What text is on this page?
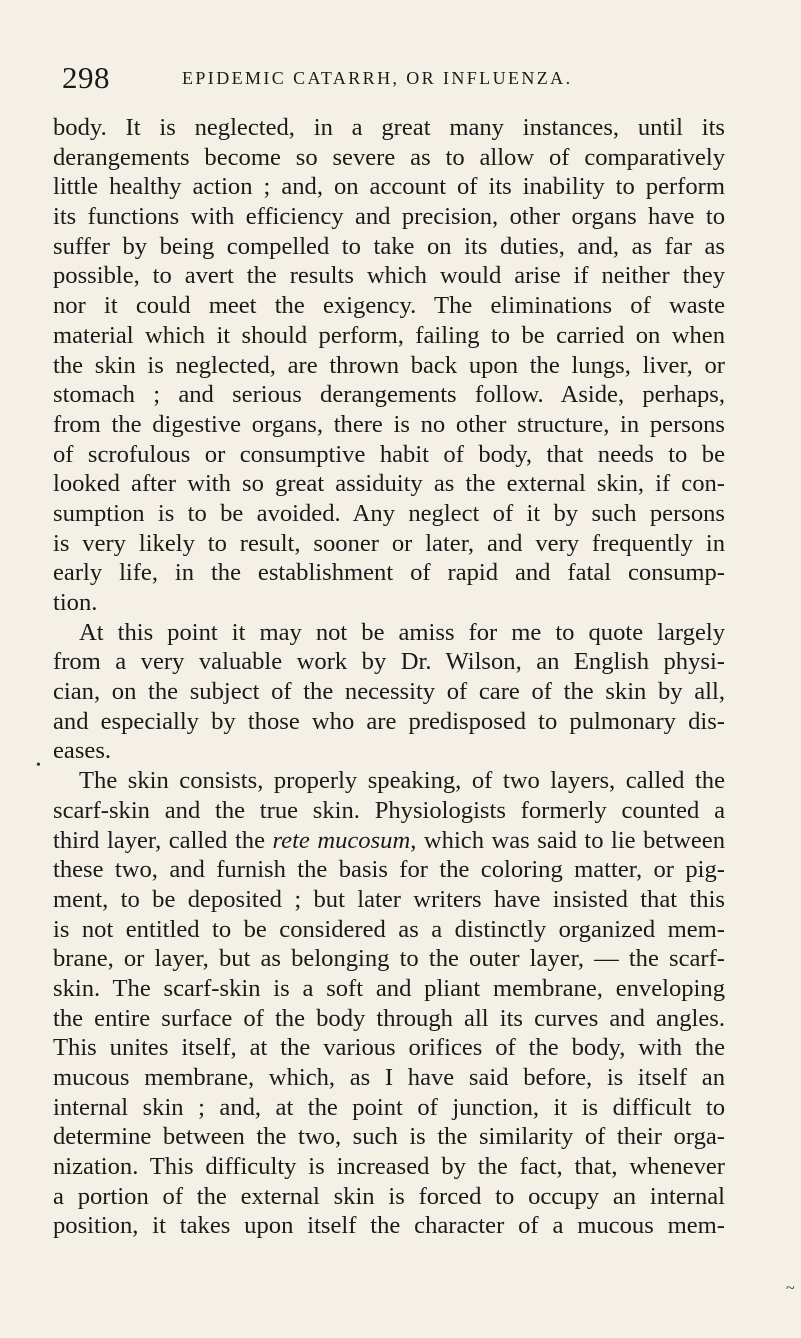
298	EPIDEMIC CATARRH, OR INFLUENZA.
body. It is neglected, in a great many instances, until its
derangements become so severe as to allow of comparatively
little healthy action ; and, on account of its inability to perform
its functions with efficiency and precision, other organs have to
suffer by being compelled to take on its duties, and, as far as
possible, to avert the results which would arise if neither they
nor it could meet the exigency. The eliminations of waste
material which it should perform, failing to be carried on when
the skin is neglected, are thrown back upon the lungs, liver, or
stomach ; and serious derangements follow. Aside, perhaps,
from the digestive organs, there is no other structure, in persons
of scrofulous or consumptive habit of body, that needs to be
looked after with so great assiduity as the external skin, if con-
sumption is to be avoided. Any neglect of it by such persons
is very likely to result, sooner or later, and very frequently in
early life, in the establishment of rapid and fatal consump-
tion.
At this point it may not be amiss for me to quote largely
from a very valuable work by Dr. Wilson, an English physi-
cian, on the subject of the necessity of care of the skin by all,
and especially by those who are predisposed to pulmonary dis-
eases.
The skin consists, properly speaking, of two layers, called the
scarf-skin and the true skin. Physiologists formerly counted a
third layer, called the rete mucosum, which was said to lie between
these two, and furnish the basis for the coloring matter, or pig-
ment, to be deposited ; but later writers have insisted that this
is not entitled to be considered as a distinctly organized mem-
brane, or layer, but as belonging to the outer layer, — the scarf-
skin. The scarf-skin is a soft and pliant membrane, enveloping
the entire surface of the body through all its curves and angles.
This unites itself, at the various orifices of the body, with the
mucous membrane, which, as I have said before, is itself an
internal skin ; and, at the point of junction, it is difficult to
determine between the two, such is the similarity of their orga-
nization. This difficulty is increased by the fact, that, whenever
a portion of the external skin is forced to occupy an internal
position, it takes upon itself the character of a mucous mem-
•
~
